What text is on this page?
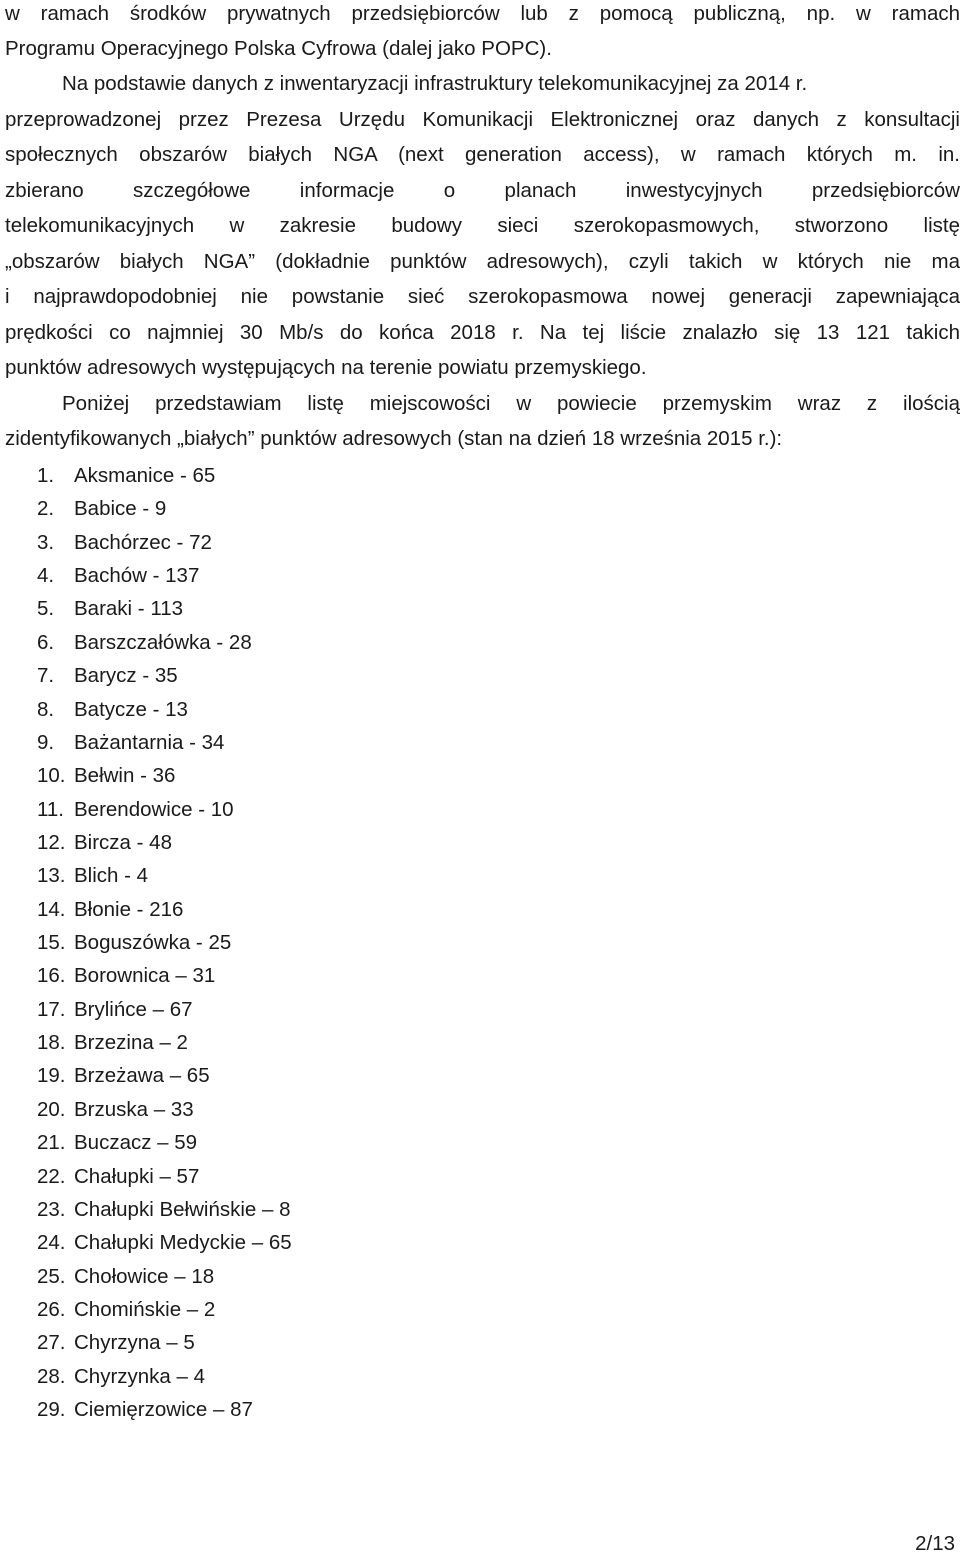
w ramach środków prywatnych przedsiębiorców lub z pomocą publiczną, np. w ramach
Programu Operacyjnego Polska Cyfrowa (dalej jako POPC).
Na podstawie danych z inwentaryzacji infrastruktury telekomunikacyjnej za 2014 r.
przeprowadzonej przez Prezesa Urzędu Komunikacji Elektronicznej oraz danych z konsultacji
społecznych obszarów białych NGA (next generation access), w ramach których m. in.
zbierano szczegółowe informacje o planach inwestycyjnych przedsiębiorców
telekomunikacyjnych w zakresie budowy sieci szerokopasmowych, stworzono listę
„obszarów białych NGA” (dokładnie punktów adresowych), czyli takich w których nie ma
i najprawdopodobniej nie powstanie sieć szerokopasmowa nowej generacji zapewniająca
prędkości co najmniej 30 Mb/s do końca 2018 r. Na tej liście znalazło się 13 121 takich
punktów adresowych występujących na terenie powiatu przemyskiego.
Poniżej przedstawiam listę miejscowości w powiecie przemyskim wraz z ilością
zidentyfikowanych „białych” punktów adresowych (stan na dzień 18 września 2015 r.):
1. Aksmanice - 65
2. Babice - 9
3. Bachórzec - 72
4. Bachów - 137
5. Baraki - 113
6. Barszczałówka - 28
7. Barycz - 35
8. Batycze - 13
9. Bażantarnia - 34
10. Bełwin - 36
11. Berendowice - 10
12. Bircza - 48
13. Blich - 4
14. Błonie - 216
15. Boguszówka - 25
16. Borownica – 31
17. Brylińce – 67
18. Brzezina – 2
19. Brzeżawa – 65
20. Brzuska – 33
21. Buczacz – 59
22. Chałupki – 57
23. Chałupki Bełwińskie – 8
24. Chałupki Medyckie – 65
25. Chołowice – 18
26. Chomińskie – 2
27. Chyrzyna – 5
28. Chyrzynka – 4
29. Ciemięrzowice – 87
2/13
